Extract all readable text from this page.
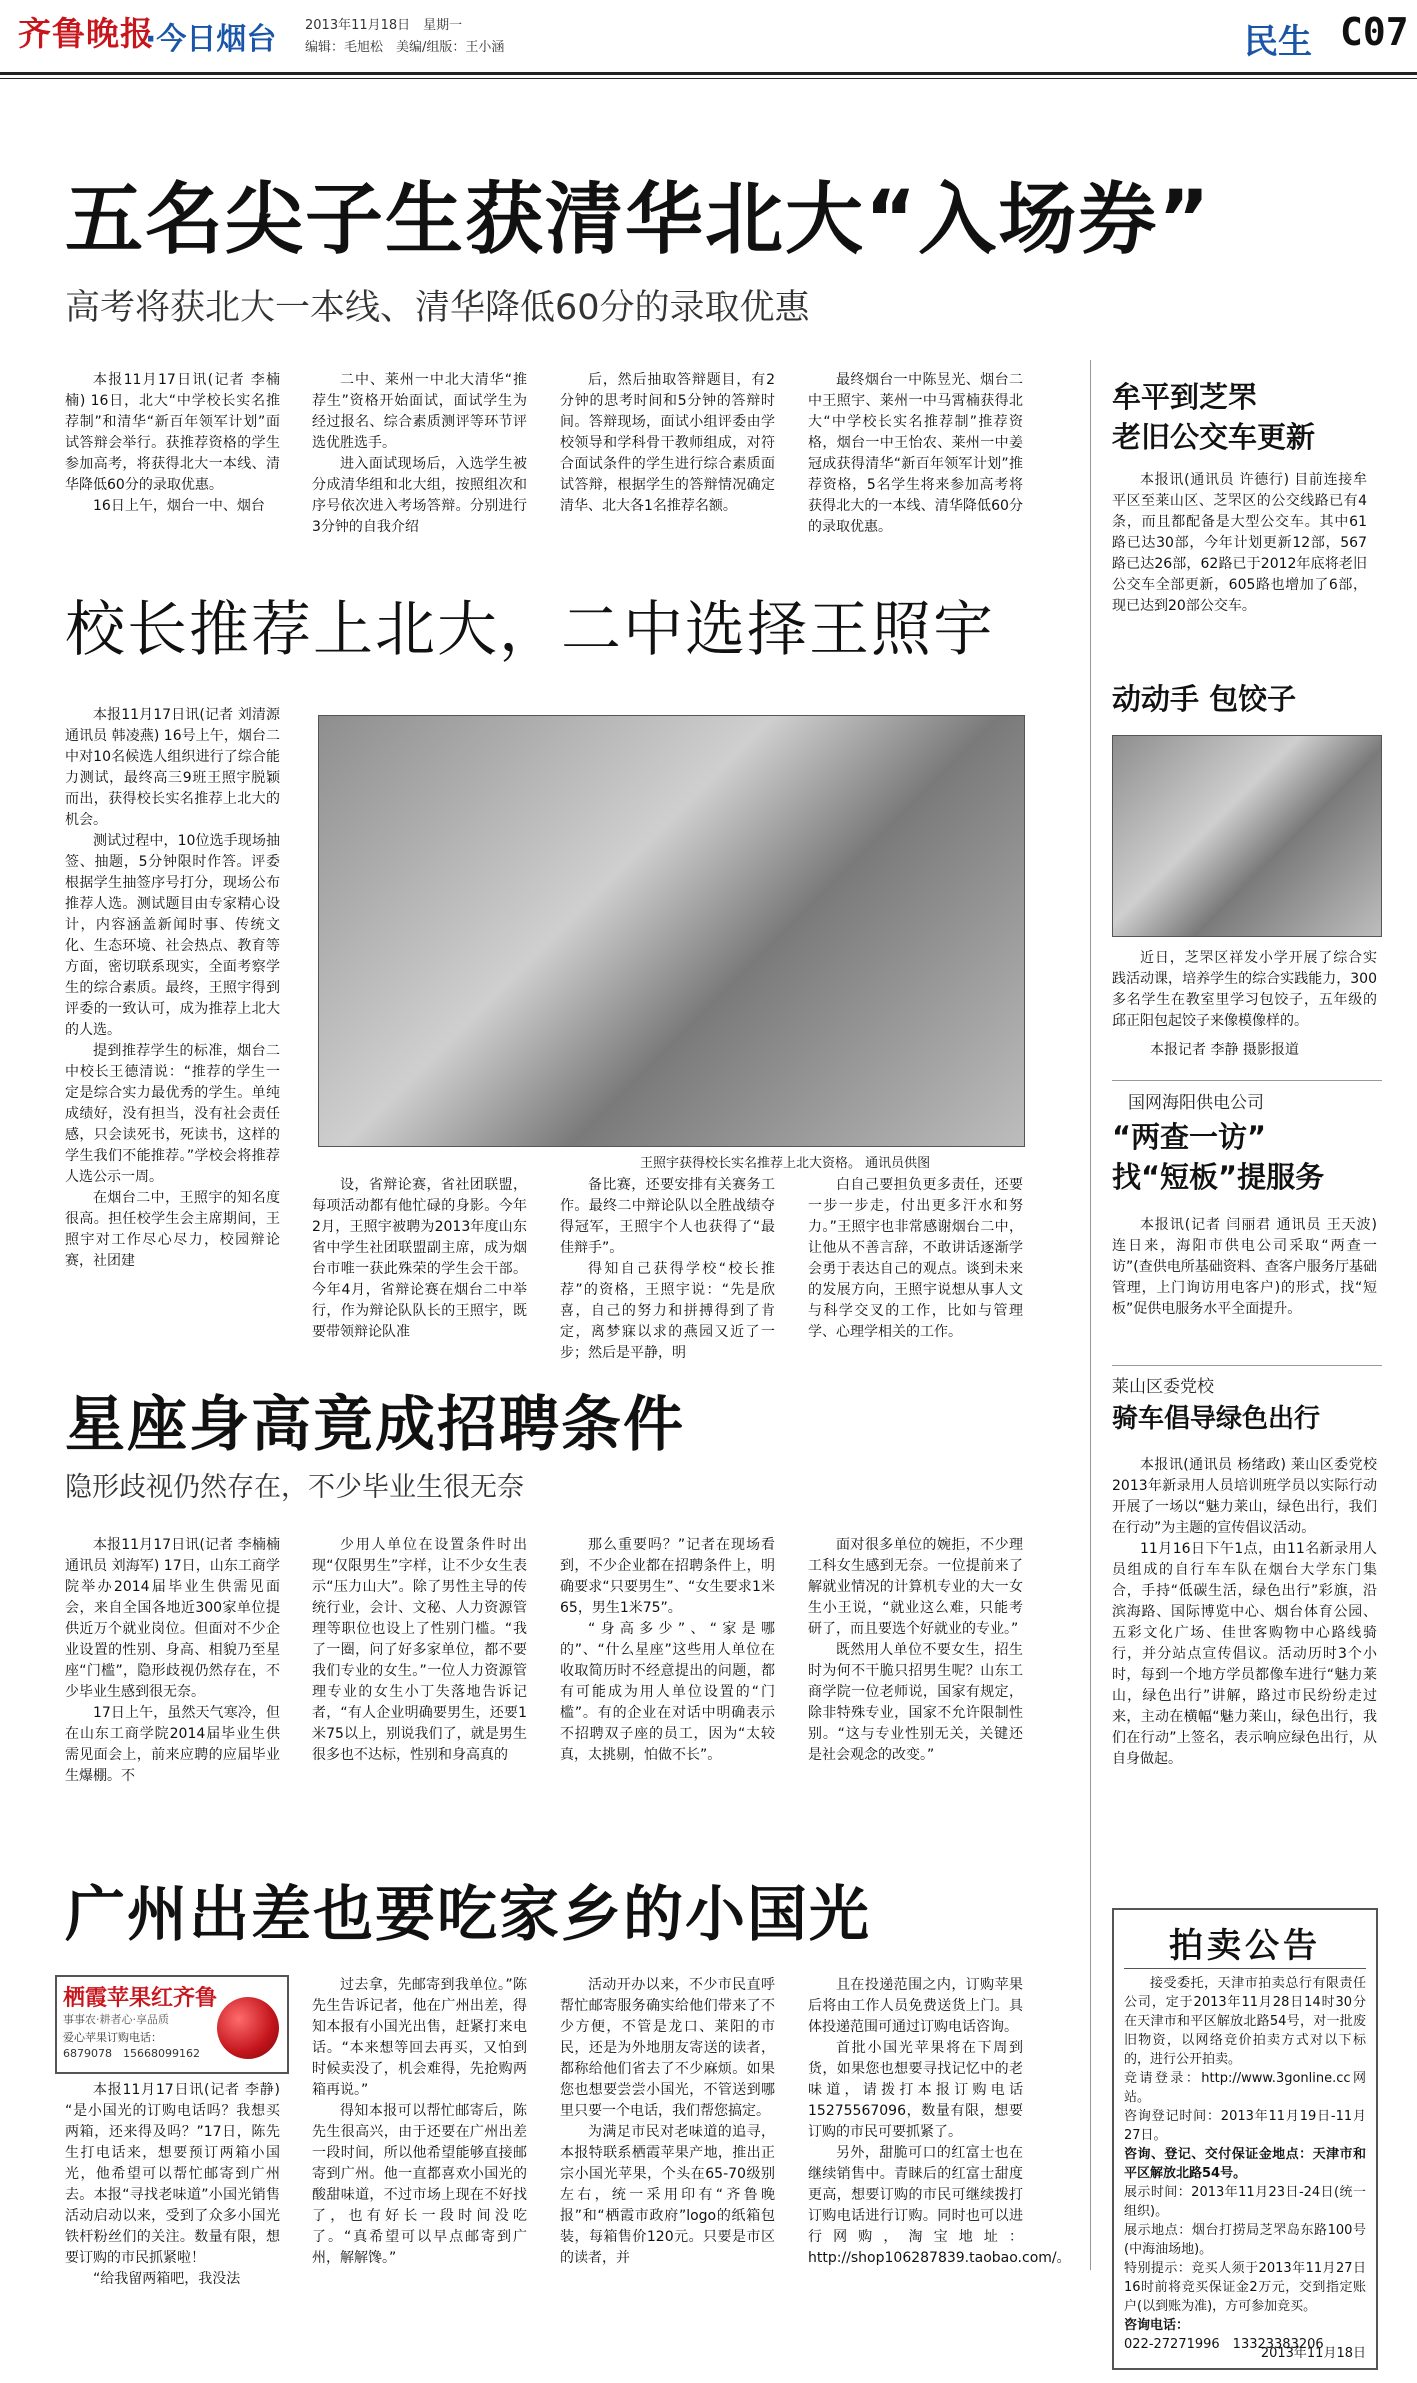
齐鲁晚报
·今日烟台 2013年11月18日　星期一
编辑：毛旭松　美编/组版：王小涵	民生 C07
五名尖子生获清华北大“入场券”
高考将获北大一本线、清华降低60分的录取优惠

本报11月17日讯(记者 李楠楠) 16日，北大“中学校长实名推荐制”和清华“新百年领军计划”面试答辩会举行。获推荐资格的学生参加高考，将获得北大一本线、清华降低60分的录取优惠。

16日上午，烟台一中、烟台

二中、莱州一中北大清华“推荐生”资格开始面试，面试学生为经过报名、综合素质测评等环节评选优胜选手。

进入面试现场后，入选学生被分成清华组和北大组，按照组次和序号依次进入考场答辩。分别进行3分钟的自我介绍

后，然后抽取答辩题目，有2分钟的思考时间和5分钟的答辩时间。答辩现场，面试小组评委由学校领导和学科骨干教师组成，对符合面试条件的学生进行综合素质面试答辩，根据学生的答辩情况确定清华、北大各1名推荐名额。

最终烟台一中陈昱光、烟台二中王照宇、莱州一中马霄楠获得北大“中学校长实名推荐制”推荐资格，烟台一中王怡农、莱州一中姜冠成获得清华“新百年领军计划”推荐资格，5名学生将来参加高考将获得北大的一本线、清华降低60分的录取优惠。

校长推荐上北大，二中选择王照宇

本报11月17日讯(记者 刘清源 通讯员 韩凌燕) 16号上午，烟台二中对10名候选人组织进行了综合能力测试，最终高三9班王照宇脱颖而出，获得校长实名推荐上北大的机会。

测试过程中，10位选手现场抽签、抽题，5分钟限时作答。评委根据学生抽签序号打分，现场公布推荐人选。测试题目由专家精心设计，内容涵盖新闻时事、传统文化、生态环境、社会热点、教育等方面，密切联系现实，全面考察学生的综合素质。最终，王照宇得到评委的一致认可，成为推荐上北大的人选。

提到推荐学生的标准，烟台二中校长王德清说：“推荐的学生一定是综合实力最优秀的学生。单纯成绩好，没有担当，没有社会责任感，只会读死书，死读书，这样的学生我们不能推荐。”学校会将推荐人选公示一周。

在烟台二中，王照宇的知名度很高。担任校学生会主席期间，王照宇对工作尽心尽力，校园辩论赛，社团建

王照宇获得校长实名推荐上北大资格。 通讯员供图

设，省辩论赛，省社团联盟，每项活动都有他忙碌的身影。今年2月，王照宇被聘为2013年度山东省中学生社团联盟副主席，成为烟台市唯一获此殊荣的学生会干部。今年4月，省辩论赛在烟台二中举行，作为辩论队队长的王照宇，既要带领辩论队准

备比赛，还要安排有关赛务工作。最终二中辩论队以全胜战绩夺得冠军，王照宇个人也获得了“最佳辩手”。

得知自己获得学校“校长推荐”的资格，王照宇说：“先是欣喜，自己的努力和拼搏得到了肯定，离梦寐以求的燕园又近了一步；然后是平静，明

白自己要担负更多责任，还要一步一步走，付出更多汗水和努力。”王照宇也非常感谢烟台二中，让他从不善言辞，不敢讲话逐渐学会勇于表达自己的观点。谈到未来的发展方向，王照宇说想从事人文与科学交叉的工作，比如与管理学、心理学相关的工作。

星座身高竟成招聘条件
隐形歧视仍然存在，不少毕业生很无奈

本报11月17日讯(记者 李楠楠 通讯员 刘海军) 17日，山东工商学院举办2014届毕业生供需见面会，来自全国各地近300家单位提供近万个就业岗位。但面对不少企业设置的性别、身高、相貌乃至星座“门槛”，隐形歧视仍然存在，不少毕业生感到很无奈。

17日上午，虽然天气寒冷，但在山东工商学院2014届毕业生供需见面会上，前来应聘的应届毕业生爆棚。不

少用人单位在设置条件时出现“仅限男生”字样，让不少女生表示“压力山大”。除了男性主导的传统行业，会计、文秘、人力资源管理等职位也设上了性别门槛。“我了一圈，问了好多家单位，都不要我们专业的女生。”一位人力资源管理专业的女生小丁失落地告诉记者，“有人企业明确要男生，还要1米75以上，别说我们了，就是男生很多也不达标，性别和身高真的

那么重要吗？”记者在现场看到，不少企业都在招聘条件上，明确要求“只要男生”、“女生要求1米65，男生1米75”。

“身高多少”、“家是哪的”、“什么星座”这些用人单位在收取简历时不经意提出的问题，都有可能成为用人单位设置的“门槛”。有的企业在对话中明确表示不招聘双子座的员工，因为“太较真，太挑剔，怕做不长”。

面对很多单位的婉拒，不少理工科女生感到无奈。一位提前来了解就业情况的计算机专业的大一女生小王说，“就业这么难，只能考研了，而且要选个好就业的专业。”

既然用人单位不要女生，招生时为何不干脆只招男生呢？山东工商学院一位老师说，国家有规定，除非特殊专业，国家不允许限制性别。“这与专业性别无关，关键还是社会观念的改变。”

广州出差也要吃家乡的小国光
栖霞苹果红齐鲁
事事农·耕者心·享品质
爱心苹果订购电话：
6879078　15668099162

本报11月17日讯(记者 李静) “是小国光的订购电话吗？我想买两箱，还来得及吗？”17日，陈先生打电话来，想要预订两箱小国光，他希望可以帮忙邮寄到广州去。本报“寻找老味道”小国光销售活动启动以来，受到了众多小国光铁杆粉丝们的关注。数量有限，想要订购的市民抓紧啦！

“给我留两箱吧，我没法

过去拿，先邮寄到我单位。”陈先生告诉记者，他在广州出差，得知本报有小国光出售，赶紧打来电话。“本来想等回去再买，又怕到时候卖没了，机会难得，先抢购两箱再说。”

得知本报可以帮忙邮寄后，陈先生很高兴，由于还要在广州出差一段时间，所以他希望能够直接邮寄到广州。他一直都喜欢小国光的酸甜味道，不过市场上现在不好找了，也有好长一段时间没吃了。“真希望可以早点邮寄到广州，解解馋。”

活动开办以来，不少市民直呼帮忙邮寄服务确实给他们带来了不少方便，不管是龙口、莱阳的市民，还是为外地朋友寄送的读者，都称给他们省去了不少麻烦。如果您也想要尝尝小国光，不管送到哪里只要一个电话，我们帮您搞定。

为满足市民对老味道的追寻，本报特联系栖霞苹果产地，推出正宗小国光苹果，个头在65-70级别左右，统一采用印有“齐鲁晚报”和“栖霞市政府”logo的纸箱包装，每箱售价120元。只要是市区的读者，并

且在投递范围之内，订购苹果后将由工作人员免费送货上门。具体投递范围可通过订购电话咨询。

首批小国光苹果将在下周到货，如果您也想要寻找记忆中的老味道，请拨打本报订购电话15275567096，数量有限，想要订购的市民可要抓紧了。

另外，甜脆可口的红富士也在继续销售中。青睐后的红富士甜度更高，想要订购的市民可继续拨打订购电话进行订购。同时也可以进行网购，淘宝地址：http://shop106287839.taobao.com/。

牟平到芝罘
老旧公交车更新

本报讯(通讯员 许德行) 目前连接牟平区至莱山区、芝罘区的公交线路已有4条，而且都配备是大型公交车。其中61路已达30部，今年计划更新12部，567路已达26部，62路已于2012年底将老旧公交车全部更新，605路也增加了6部，现已达到20部公交车。

动动手 包饺子

近日，芝罘区祥发小学开展了综合实践活动课，培养学生的综合实践能力，300多名学生在教室里学习包饺子，五年级的邱正阳包起饺子来像模像样的。

本报记者 李静 摄影报道
国网海阳供电公司
“两查一访”
找“短板”提服务

本报讯(记者 闫丽君 通讯员 王天波) 连日来，海阳市供电公司采取“两查一访”(查供电所基础资料、查客户服务厅基础管理，上门询访用电客户)的形式，找“短板”促供电服务水平全面提升。

莱山区委党校
骑车倡导绿色出行

本报讯(通讯员 杨绪政) 莱山区委党校2013年新录用人员培训班学员以实际行动开展了一场以“魅力莱山，绿色出行，我们在行动”为主题的宣传倡议活动。

11月16日下午1点，由11名新录用人员组成的自行车车队在烟台大学东门集合，手持“低碳生活，绿色出行”彩旗，沿滨海路、国际博览中心、烟台体育公园、五彩文化广场、佳世客购物中心路线骑行，并分站点宣传倡议。活动历时3个小时，每到一个地方学员都像车进行“魅力莱山，绿色出行”讲解，路过市民纷纷走过来，主动在横幅“魅力莱山，绿色出行，我们在行动”上签名，表示响应绿色出行，从自身做起。

拍卖公告

接受委托，天津市拍卖总行有限责任公司，定于2013年11月28日14时30分在天津市和平区解放北路54号，对一批废旧物资，以网络竞价拍卖方式对以下标的，进行公开拍卖。

竞请登录：http://www.3gonline.cc网站。

咨询登记时间：2013年11月19日-11月27日。

咨询、登记、交付保证金地点：天津市和平区解放北路54号。

展示时间：2013年11月23日-24日(统一组织)。

展示地点：烟台打捞局芝罘岛东路100号(中海油场地)。

特别提示：竞买人须于2013年11月27日16时前将竞买保证金2万元，交到指定账户(以到账为准)，方可参加竞买。

咨询电话：

022-27271996　13323383206

2013年11月18日
